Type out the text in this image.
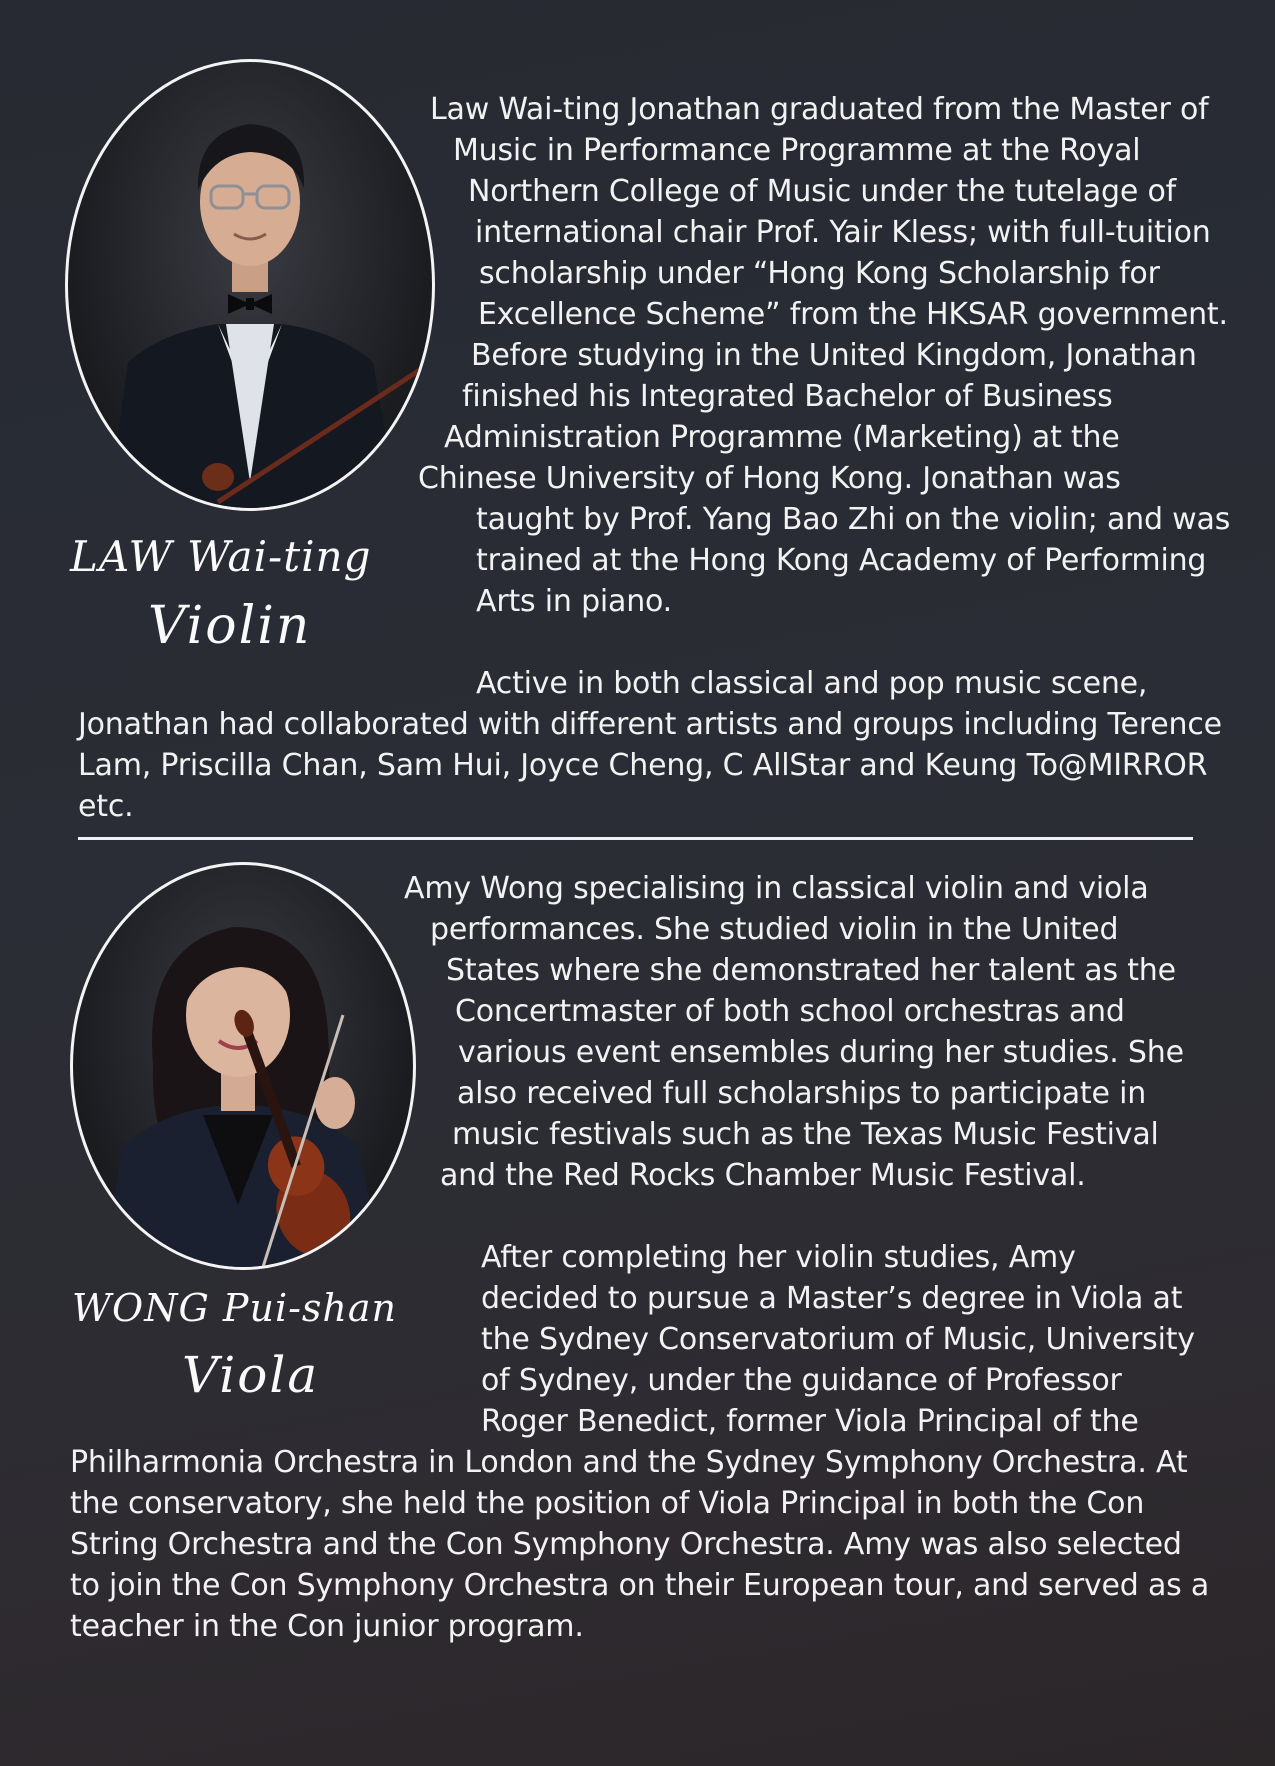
LAW Wai-ting
Violin
Law Wai-ting Jonathan graduated from the Master of
Music in Performance Programme at the Royal
Northern College of Music under the tutelage of
international chair Prof. Yair Kless; with full-tuition
scholarship under “Hong Kong Scholarship for
Excellence Scheme” from the HKSAR government.
Before studying in the United Kingdom, Jonathan
finished his Integrated Bachelor of Business
Administration Programme (Marketing) at the
Chinese University of Hong Kong. Jonathan was
taught by Prof. Yang Bao Zhi on the violin; and was
trained at the Hong Kong Academy of Performing
Arts in piano.
Active in both classical and pop music scene,
Jonathan had collaborated with different artists and groups including Terence
Lam, Priscilla Chan, Sam Hui, Joyce Cheng, C AllStar and Keung To@MIRROR
etc.
WONG Pui-shan
Viola
Amy Wong specialising in classical violin and viola
performances. She studied violin in the United
States where she demonstrated her talent as the
Concertmaster of both school orchestras and
various event ensembles during her studies. She
also received full scholarships to participate in
music festivals such as the Texas Music Festival
and the Red Rocks Chamber Music Festival.
After completing her violin studies, Amy
decided to pursue a Master’s degree in Viola at
the Sydney Conservatorium of Music, University
of Sydney, under the guidance of Professor
Roger Benedict, former Viola Principal of the
Philharmonia Orchestra in London and the Sydney Symphony Orchestra. At
the conservatory, she held the position of Viola Principal in both the Con
String Orchestra and the Con Symphony Orchestra. Amy was also selected
to join the Con Symphony Orchestra on their European tour, and served as a
teacher in the Con junior program.
